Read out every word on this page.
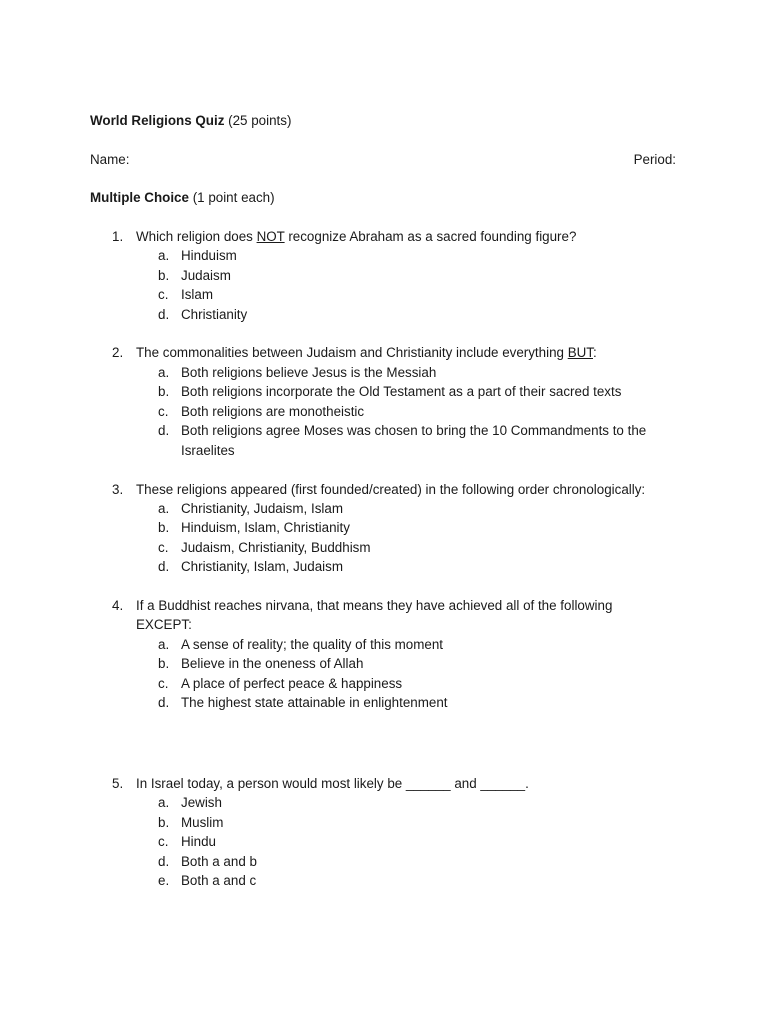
World Religions Quiz (25 points)
Name:	Period:
Multiple Choice (1 point each)
1. Which religion does NOT recognize Abraham as a sacred founding figure?
a. Hinduism
b. Judaism
c. Islam
d. Christianity
2. The commonalities between Judaism and Christianity include everything BUT:
a. Both religions believe Jesus is the Messiah
b. Both religions incorporate the Old Testament as a part of their sacred texts
c. Both religions are monotheistic
d. Both religions agree Moses was chosen to bring the 10 Commandments to the
Israelites
3. These religions appeared (first founded/created) in the following order chronologically:
a. Christianity, Judaism, Islam
b. Hinduism, Islam, Christianity
c. Judaism, Christianity, Buddhism
d. Christianity, Islam, Judaism
4. If a Buddhist reaches nirvana, that means they have achieved all of the following
EXCEPT:
a. A sense of reality; the quality of this moment
b. Believe in the oneness of Allah
c. A place of perfect peace & happiness
d. The highest state attainable in enlightenment
5. In Israel today, a person would most likely be ______ and ______.
a. Jewish
b. Muslim
c. Hindu
d. Both a and b
e. Both a and c
